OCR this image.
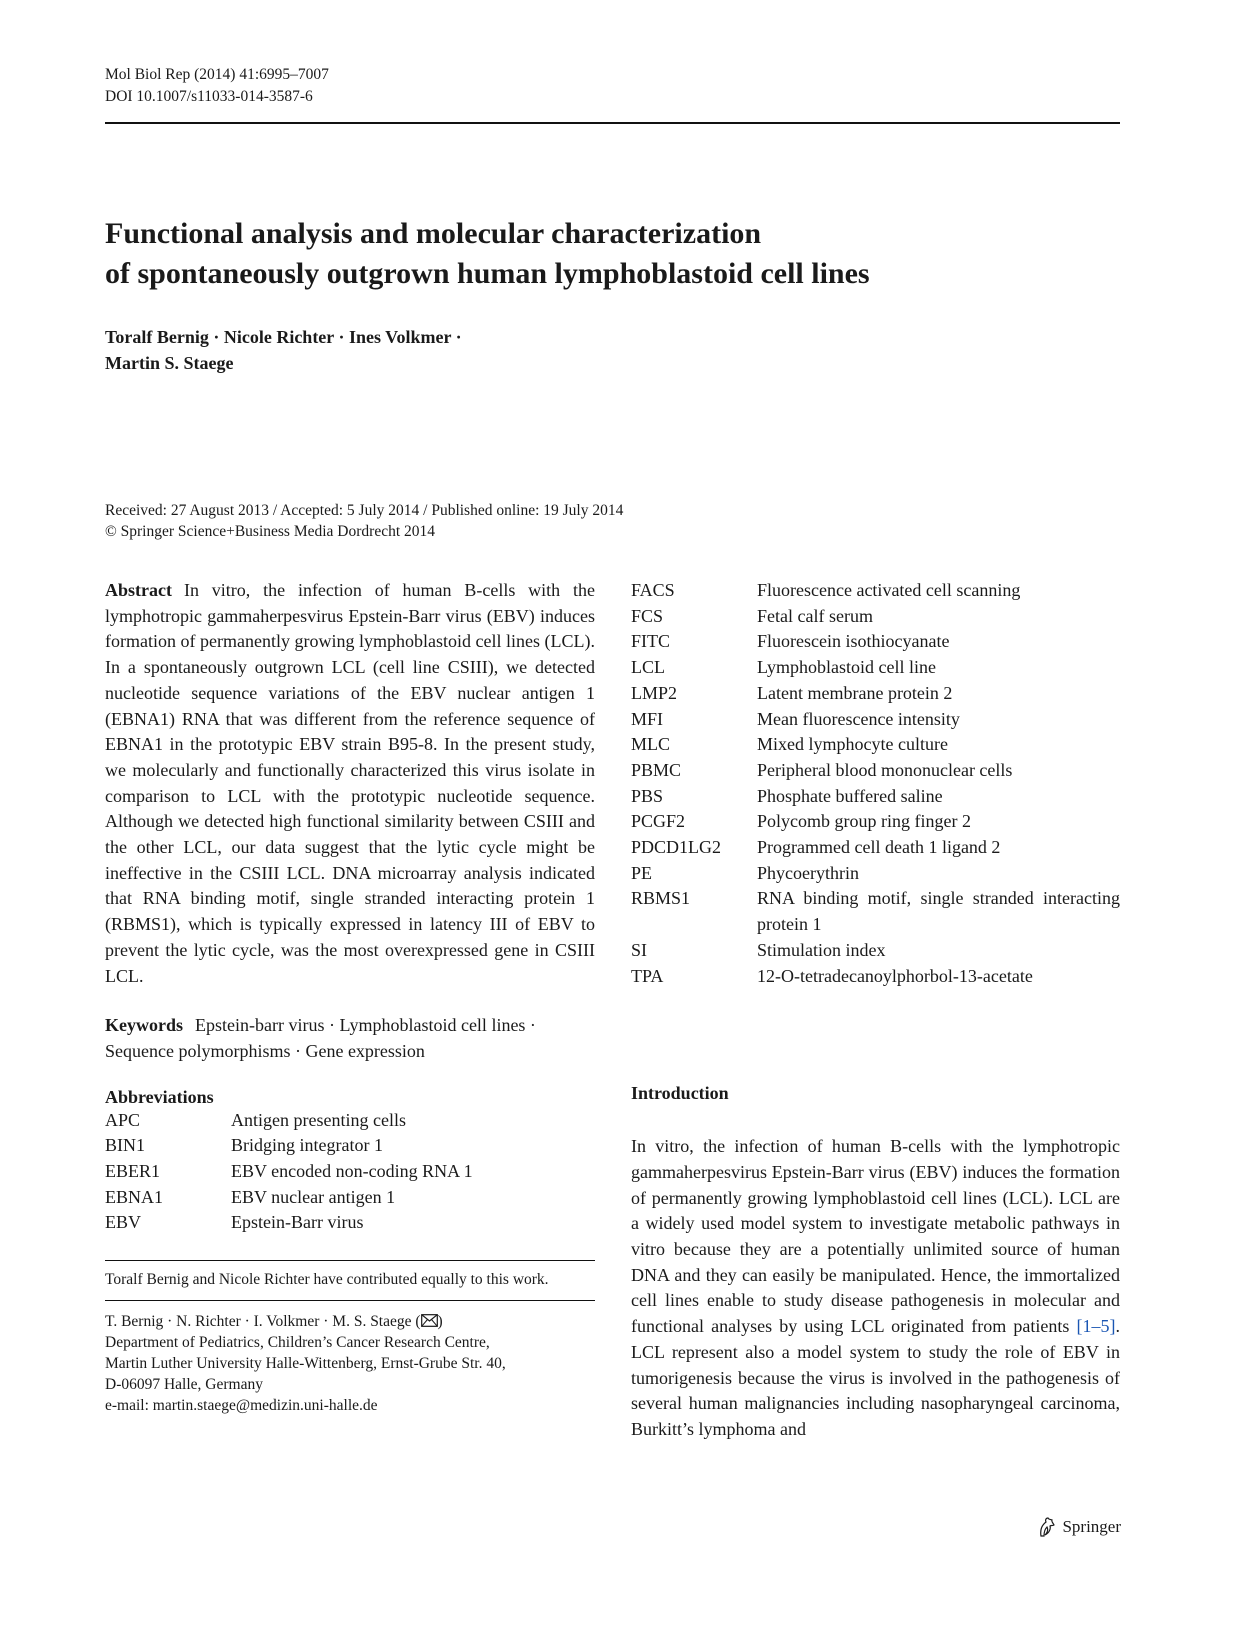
Mol Biol Rep (2014) 41:6995–7007
DOI 10.1007/s11033-014-3587-6
Functional analysis and molecular characterization
of spontaneously outgrown human lymphoblastoid cell lines
Toralf Bernig · Nicole Richter · Ines Volkmer ·
Martin S. Staege
Received: 27 August 2013 / Accepted: 5 July 2014 / Published online: 19 July 2014
© Springer Science+Business Media Dordrecht 2014

Abstract In vitro, the infection of human B-cells with the lymphotropic gammaherpesvirus Epstein-Barr virus (EBV) induces formation of permanently growing lymphoblastoid cell lines (LCL). In a spontaneously outgrown LCL (cell line CSIII), we detected nucleotide sequence variations of the EBV nuclear antigen 1 (EBNA1) RNA that was different from the reference sequence of EBNA1 in the prototypic EBV strain B95-8. In the present study, we molecularly and functionally characterized this virus isolate in comparison to LCL with the prototypic nucleotide sequence. Although we detected high functional similarity between CSIII and the other LCL, our data suggest that the lytic cycle might be ineffective in the CSIII LCL. DNA microarray analysis indicated that RNA binding motif, single stranded interacting protein 1 (RBMS1), which is typically expressed in latency III of EBV to prevent the lytic cycle, was the most overexpressed gene in CSIII LCL.

Keywords Epstein-barr virus · Lymphoblastoid cell lines · Sequence polymorphisms · Gene expression

Abbreviations
APC	Antigen presenting cells
BIN1	Bridging integrator 1
EBER1	EBV encoded non-coding RNA 1
EBNA1	EBV nuclear antigen 1
EBV	Epstein-Barr virus
Toralf Bernig and Nicole Richter have contributed equally to this work.
T. Bernig · N. Richter · I. Volkmer · M. S. Staege ( )
Department of Pediatrics, Children’s Cancer Research Centre,
Martin Luther University Halle-Wittenberg, Ernst-Grube Str. 40,
D-06097 Halle, Germany
e-mail: martin.staege@medizin.uni-halle.de
FACS	Fluorescence activated cell scanning
FCS	Fetal calf serum
FITC	Fluorescein isothiocyanate
LCL	Lymphoblastoid cell line
LMP2	Latent membrane protein 2
MFI	Mean fluorescence intensity
MLC	Mixed lymphocyte culture
PBMC	Peripheral blood mononuclear cells
PBS	Phosphate buffered saline
PCGF2	Polycomb group ring finger 2
PDCD1LG2	Programmed cell death 1 ligand 2
PE	Phycoerythrin
RBMS1	RNA binding motif, single stranded interacting protein 1
SI	Stimulation index
TPA	12-O-tetradecanoylphorbol-13-acetate
Introduction

In vitro, the infection of human B-cells with the lymphotropic gammaherpesvirus Epstein-Barr virus (EBV) induces the formation of permanently growing lymphoblastoid cell lines (LCL). LCL are a widely used model system to investigate metabolic pathways in vitro because they are a potentially unlimited source of human DNA and they can easily be manipulated. Hence, the immortalized cell lines enable to study disease pathogenesis in molecular and functional analyses by using LCL originated from patients [1–5]. LCL represent also a model system to study the role of EBV in tumorigenesis because the virus is involved in the pathogenesis of several human malignancies including nasopharyngeal carcinoma, Burkitt’s lymphoma and

Springer
